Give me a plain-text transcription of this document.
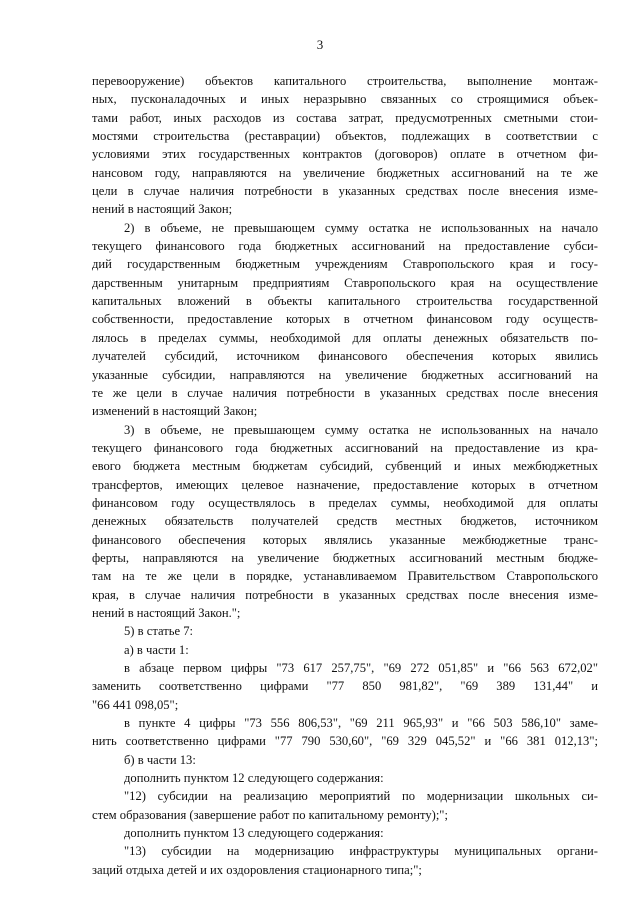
3
перевооружение) объектов капитального строительства, выполнение монтаж-
ных, пусконаладочных и иных неразрывно связанных со строящимися объек-
тами работ, иных расходов из состава затрат, предусмотренных сметными стои-
мостями строительства (реставрации) объектов, подлежащих в соответствии с
условиями этих государственных контрактов (договоров) оплате в отчетном фи-
нансовом году, направляются на увеличение бюджетных ассигнований на те же
цели в случае наличия потребности в указанных средствах после внесения изме-
нений в настоящий Закон;
2) в объеме, не превышающем сумму остатка не использованных на начало
текущего финансового года бюджетных ассигнований на предоставление субси-
дий государственным бюджетным учреждениям Ставропольского края и госу-
дарственным унитарным предприятиям Ставропольского края на осуществление
капитальных вложений в объекты капитального строительства государственной
собственности, предоставление которых в отчетном финансовом году осуществ-
лялось в пределах суммы, необходимой для оплаты денежных обязательств по-
лучателей субсидий, источником финансового обеспечения которых явились
указанные субсидии, направляются на увеличение бюджетных ассигнований на
те же цели в случае наличия потребности в указанных средствах после внесения
изменений в настоящий Закон;
3) в объеме, не превышающем сумму остатка не использованных на начало
текущего финансового года бюджетных ассигнований на предоставление из кра-
евого бюджета местным бюджетам субсидий, субвенций и иных межбюджетных
трансфертов, имеющих целевое назначение, предоставление которых в отчетном
финансовом году осуществлялось в пределах суммы, необходимой для оплаты
денежных обязательств получателей средств местных бюджетов, источником
финансового обеспечения которых являлись указанные межбюджетные транс-
ферты, направляются на увеличение бюджетных ассигнований местным бюдже-
там на те же цели в порядке, устанавливаемом Правительством Ставропольского
края, в случае наличия потребности в указанных средствах после внесения изме-
нений в настоящий Закон.";
5) в статье 7:
а) в части 1:
в абзаце первом цифры "73 617 257,75", "69 272 051,85" и "66 563 672,02"
заменить соответственно цифрами "77 850 981,82", "69 389 131,44" и
"66 441 098,05";
в пункте 4 цифры "73 556 806,53", "69 211 965,93" и "66 503 586,10" заме-
нить соответственно цифрами "77 790 530,60", "69 329 045,52" и "66 381 012,13";
б) в части 13:
дополнить пунктом 12 следующего содержания:
"12) субсидии на реализацию мероприятий по модернизации школьных си-
стем образования (завершение работ по капитальному ремонту);";
дополнить пунктом 13 следующего содержания:
"13) субсидии на модернизацию инфраструктуры муниципальных органи-
заций отдыха детей и их оздоровления стационарного типа;";
